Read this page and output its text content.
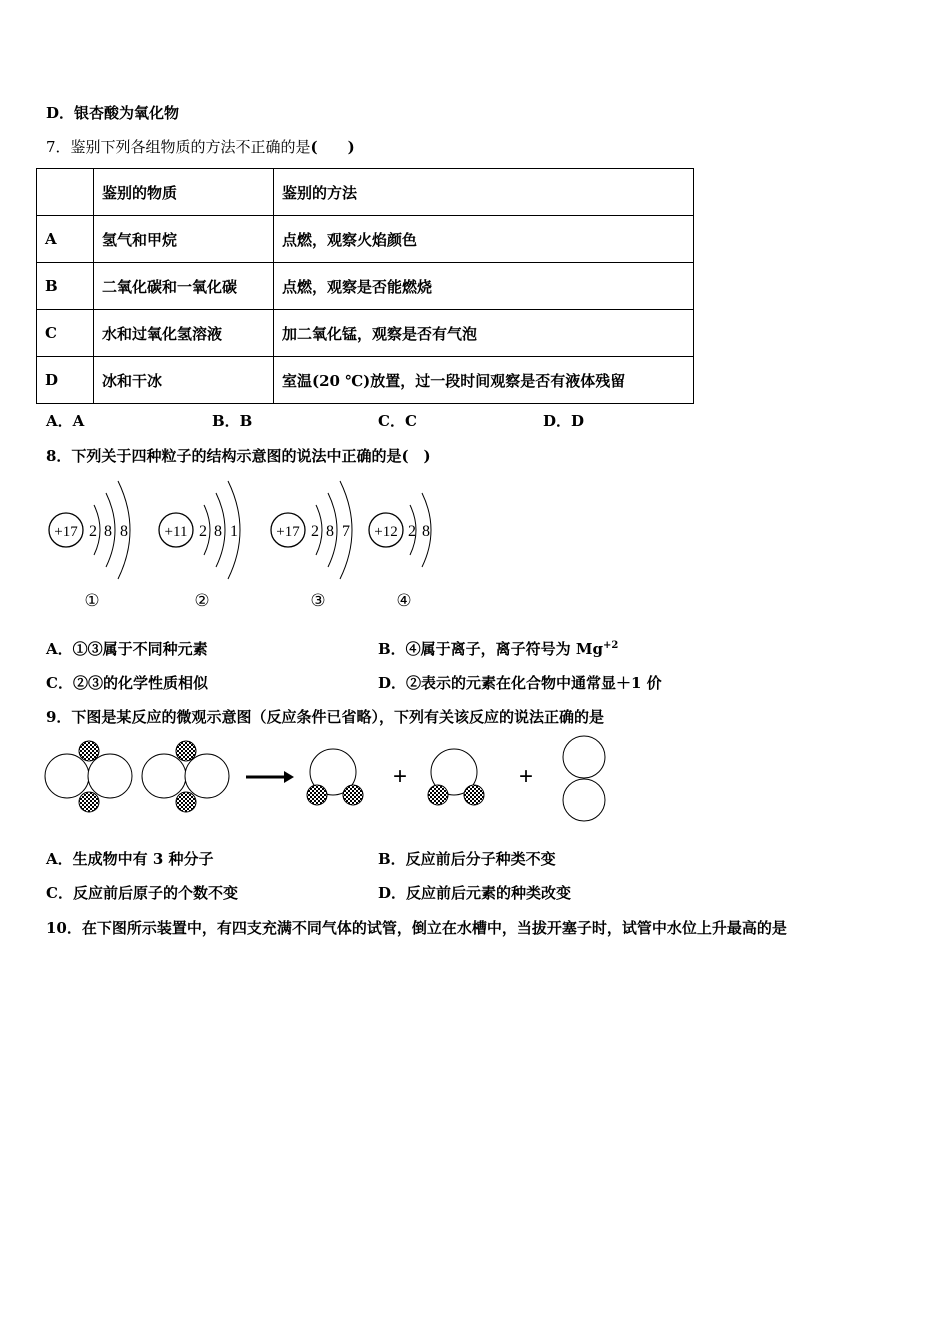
D．银杏酸为氧化物
7．鉴别下列各组物质的方法不正确的是(　　)
	鉴别的物质	鉴别的方法
A	氢气和甲烷	点燃，观察火焰颜色
B	二氧化碳和一氧化碳	点燃，观察是否能燃烧
C	水和过氧化氢溶液	加二氧化锰，观察是否有气泡
D	冰和干冰	室温(20 ℃)放置，过一段时间观察是否有液体残留
A．A	B．B	C．C	D．D
8．下列关于四种粒子的结构示意图的说法中正确的是(　)
+17 2 8 8
①
+11 2 8 1
②
+17 2 8 7
③
+12 2 8
④
A．①③属于不同种元素	B．④属于离子，离子符号为 $Mg^{+2}$
C．②③的化学性质相似	D．②表示的元素在化合物中通常显＋1 价
9．下图是某反应的微观示意图（反应条件已省略），下列有关该反应的说法正确的是
+	+
A．生成物中有 3 种分子	B．反应前后分子种类不变
C．反应前后原子的个数不变	D．反应前后元素的种类改变
10．在下图所示装置中，有四支充满不同气体的试管，倒立在水槽中，当拔开塞子时，试管中水位上升最高的是
